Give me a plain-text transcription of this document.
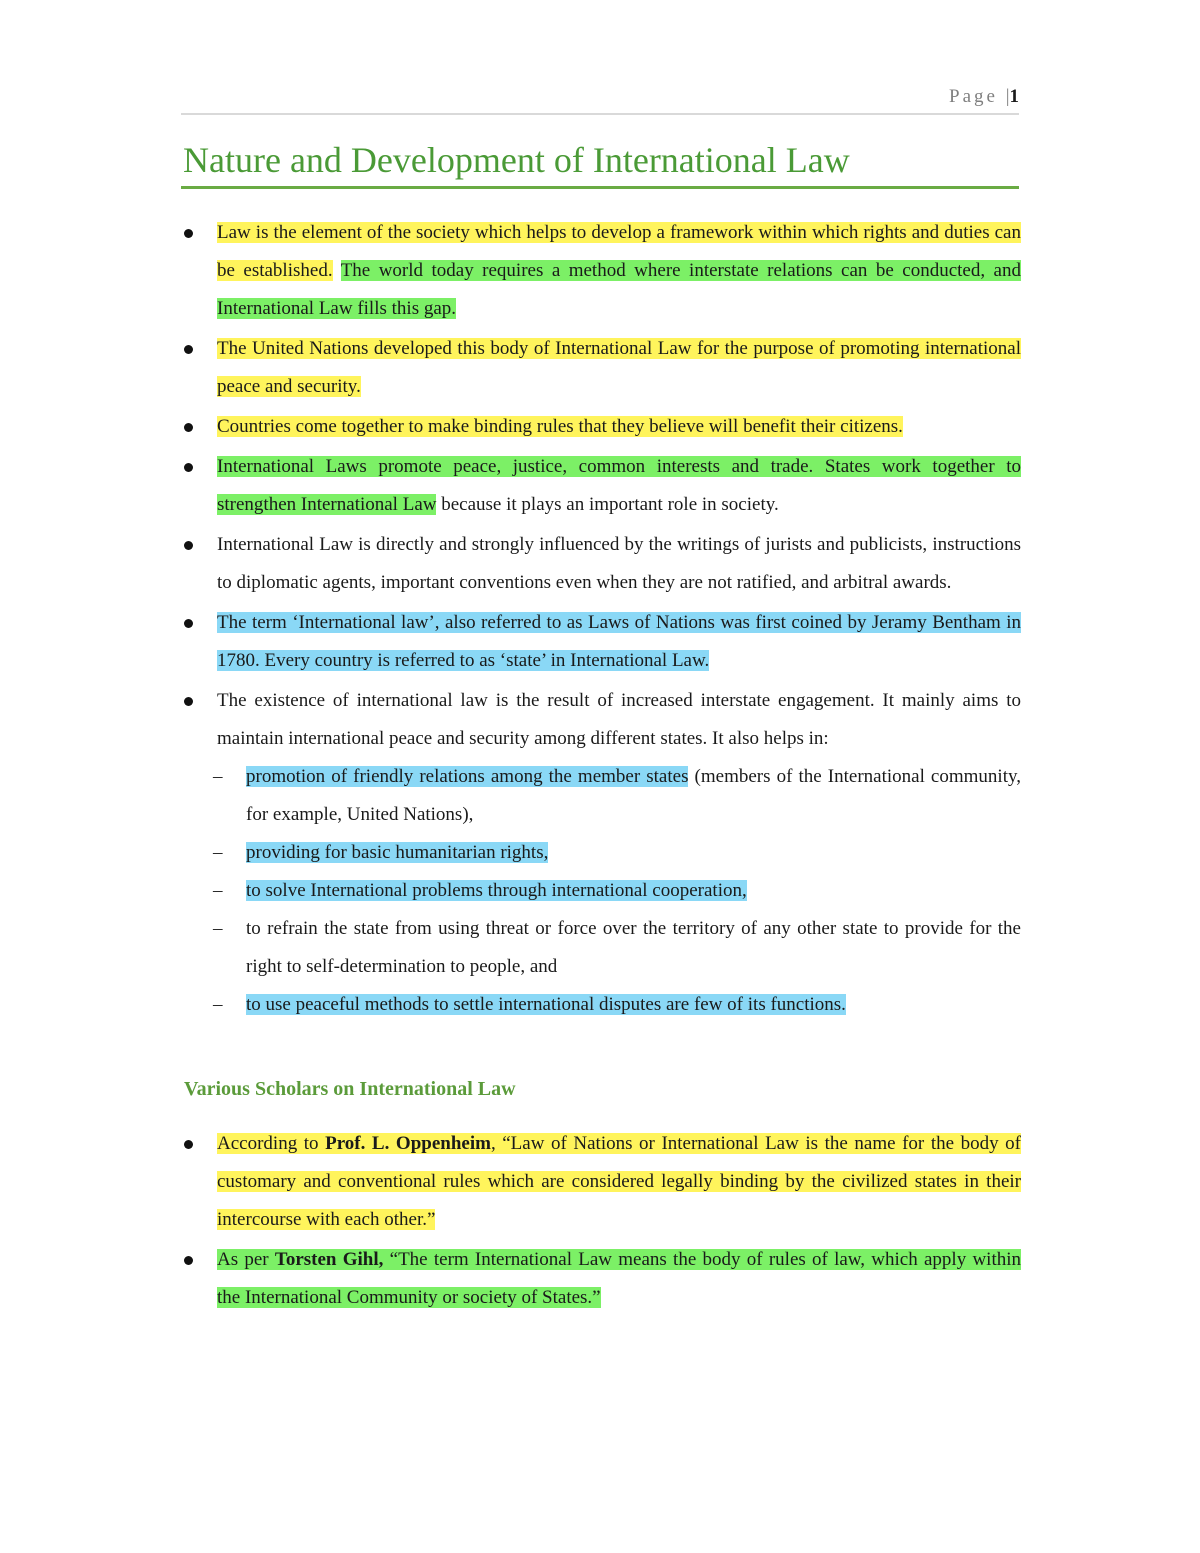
Page |1
Nature and Development of International Law
Law is the element of the society which helps to develop a framework within which rights and duties can be established. The world today requires a method where interstate relations can be conducted, and International Law fills this gap.
The United Nations developed this body of International Law for the purpose of promoting international peace and security.
Countries come together to make binding rules that they believe will benefit their citizens.
International Laws promote peace, justice, common interests and trade. States work together to strengthen International Law because it plays an important role in society.
International Law is directly and strongly influenced by the writings of jurists and publicists, instructions to diplomatic agents, important conventions even when they are not ratified, and arbitral awards.
The term ‘International law’, also referred to as Laws of Nations was first coined by Jeramy Bentham in 1780. Every country is referred to as ‘state’ in International Law.
The existence of international law is the result of increased interstate engagement. It mainly aims to maintain international peace and security among different states. It also helps in:
– promotion of friendly relations among the member states (members of the International community, for example, United Nations),
– providing for basic humanitarian rights,
– to solve International problems through international cooperation,
– to refrain the state from using threat or force over the territory of any other state to provide for the right to self-determination to people, and
– to use peaceful methods to settle international disputes are few of its functions.
Various Scholars on International Law
According to Prof. L. Oppenheim, “Law of Nations or International Law is the name for the body of customary and conventional rules which are considered legally binding by the civilized states in their intercourse with each other.”
As per Torsten Gihl, “The term International Law means the body of rules of law, which apply within the International Community or society of States.”
